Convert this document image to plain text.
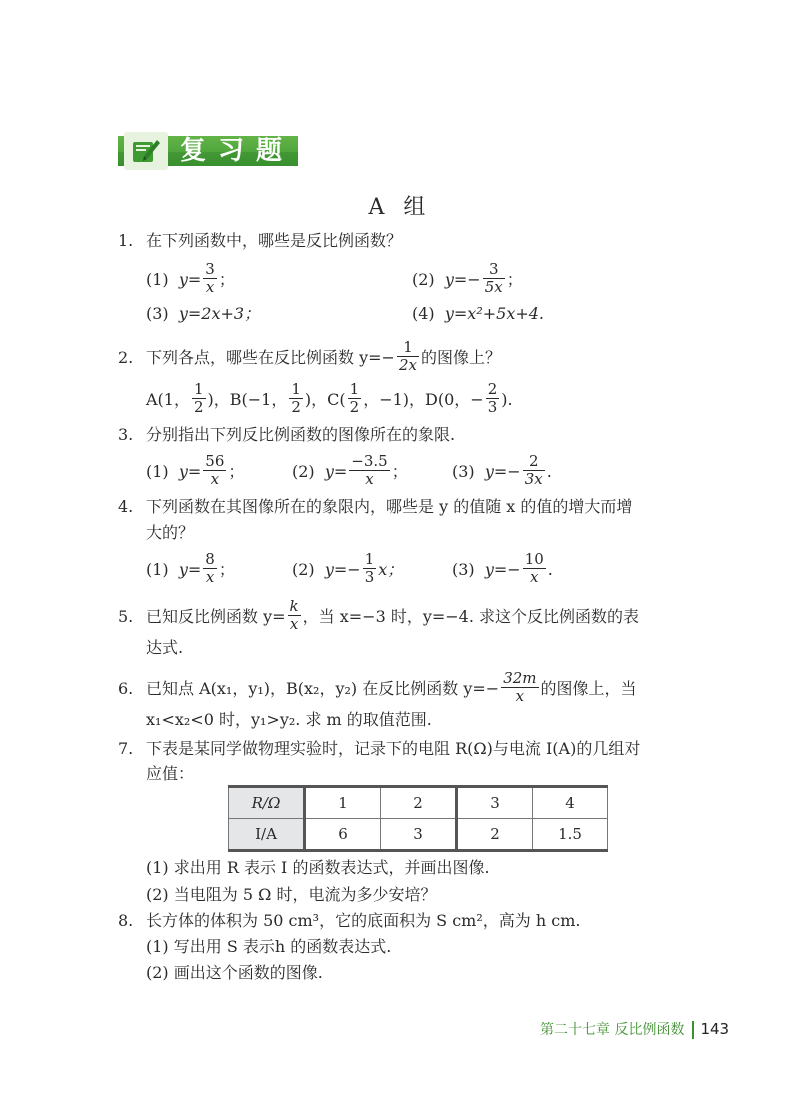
复习题
A 组
1. 在下列函数中，哪些是反比例函数？
(1) $y= \frac{3}{x}$ ；	(2) $y=- \frac{3}{5x}$ ；
(3) y=2x+3；	(4) y=x²+5x+4.
2. 下列各点，哪些在反比例函数 $y=- \frac{1}{2x}$ 的图像上？
A(1， $\frac{1}{2}$ )，B(−1， $\frac{1}{2}$ )，$C( \frac{1}{2}$ ，−1)，D(0，− $\frac{2}{3}$ ).
3. 分别指出下列反比例函数的图像所在的象限.
(1) $y= \frac{56}{x}$ ；	(2) $y= \frac{-3.5}{x}$ ；	(3) $y=- \frac{2}{3x}$ .
4. 下列函数在其图像所在的象限内，哪些是 y 的值随 x 的值的增大而增
大的？
(1) $y= \frac{8}{x}$ ；	(2) $y=- \frac{1}{3}$ x；	(3) $y=- \frac{10}{x}$ .
5. 已知反比例函数 $y= \frac{k}{x}$ ，当 x=−3 时，y=−4. 求这个反比例函数的表
达式.
6. 已知点 A(x₁，y₁)，B(x₂，y₂) 在反比例函数 $y=- \frac{32m}{x}$ 的图像上，当
x₁<x₂<0 时，y₁>y₂. 求 m 的取值范围.
7. 下表是某同学做物理实验时，记录下的电阻 R(Ω)与电流 I(A)的几组对
应值：
R/Ω	1	2	3	4
I/A	6	3	2	1.5
(1) 求出用 R 表示 I 的函数表达式，并画出图像.
(2) 当电阻为 5 Ω 时，电流为多少安培？
8. 长方体的体积为 50 cm³，它的底面积为 S cm²，高为 h cm.
(1) 写出用 S 表示h 的函数表达式.
(2) 画出这个函数的图像.
第二十七章 反比例函数 143
